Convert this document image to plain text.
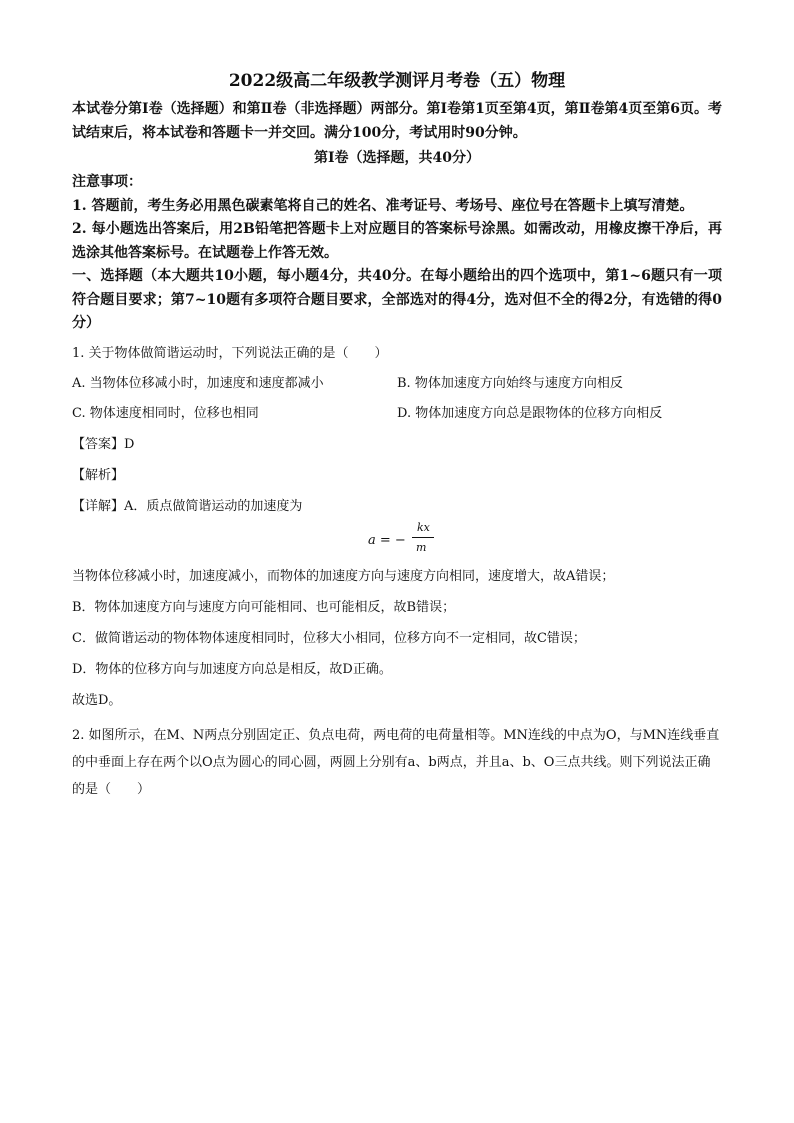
2022级高二年级教学测评月考卷（五）物理

本试卷分第Ⅰ卷（选择题）和第Ⅱ卷（非选择题）两部分。第Ⅰ卷第1页至第4页，第Ⅱ卷第4页至第6页。考试结束后，将本试卷和答题卡一并交回。满分100分，考试用时90分钟。

第Ⅰ卷（选择题，共40分）

注意事项：

1. 答题前，考生务必用黑色碳素笔将自己的姓名、准考证号、考场号、座位号在答题卡上填写清楚。

2. 每小题选出答案后，用2B铅笔把答题卡上对应题目的答案标号涂黑。如需改动，用橡皮擦干净后，再选涂其他答案标号。在试题卷上作答无效。

一、选择题（本大题共10小题，每小题4分，共40分。在每小题给出的四个选项中，第1~6题只有一项符合题目要求；第7~10题有多项符合题目要求，全部选对的得4分，选对但不全的得2分，有选错的得0分）

1. 关于物体做简谐运动时，下列说法正确的是（　　）

A. 当物体位移减小时，加速度和速度都减小	B. 物体加速度方向始终与速度方向相反
C. 物体速度相同时，位移也相同	D. 物体加速度方向总是跟物体的位移方向相反

【答案】D

【解析】

【详解】A．质点做简谐运动的加速度为

a = −
kx
m

当物体位移减小时，加速度减小，而物体的加速度方向与速度方向相同，速度增大，故A错误；

B．物体加速度方向与速度方向可能相同、也可能相反，故B错误；

C．做简谐运动的物体物体速度相同时，位移大小相同，位移方向不一定相同，故C错误；

D．物体的位移方向与加速度方向总是相反，故D正确。

故选D。

2. 如图所示，在M、N两点分别固定正、负点电荷，两电荷的电荷量相等。MN连线的中点为O，与MN连线垂直的中垂面上存在两个以O点为圆心的同心圆，两圆上分别有a、b两点，并且a、b、O三点共线。则下列说法正确的是（　　）
